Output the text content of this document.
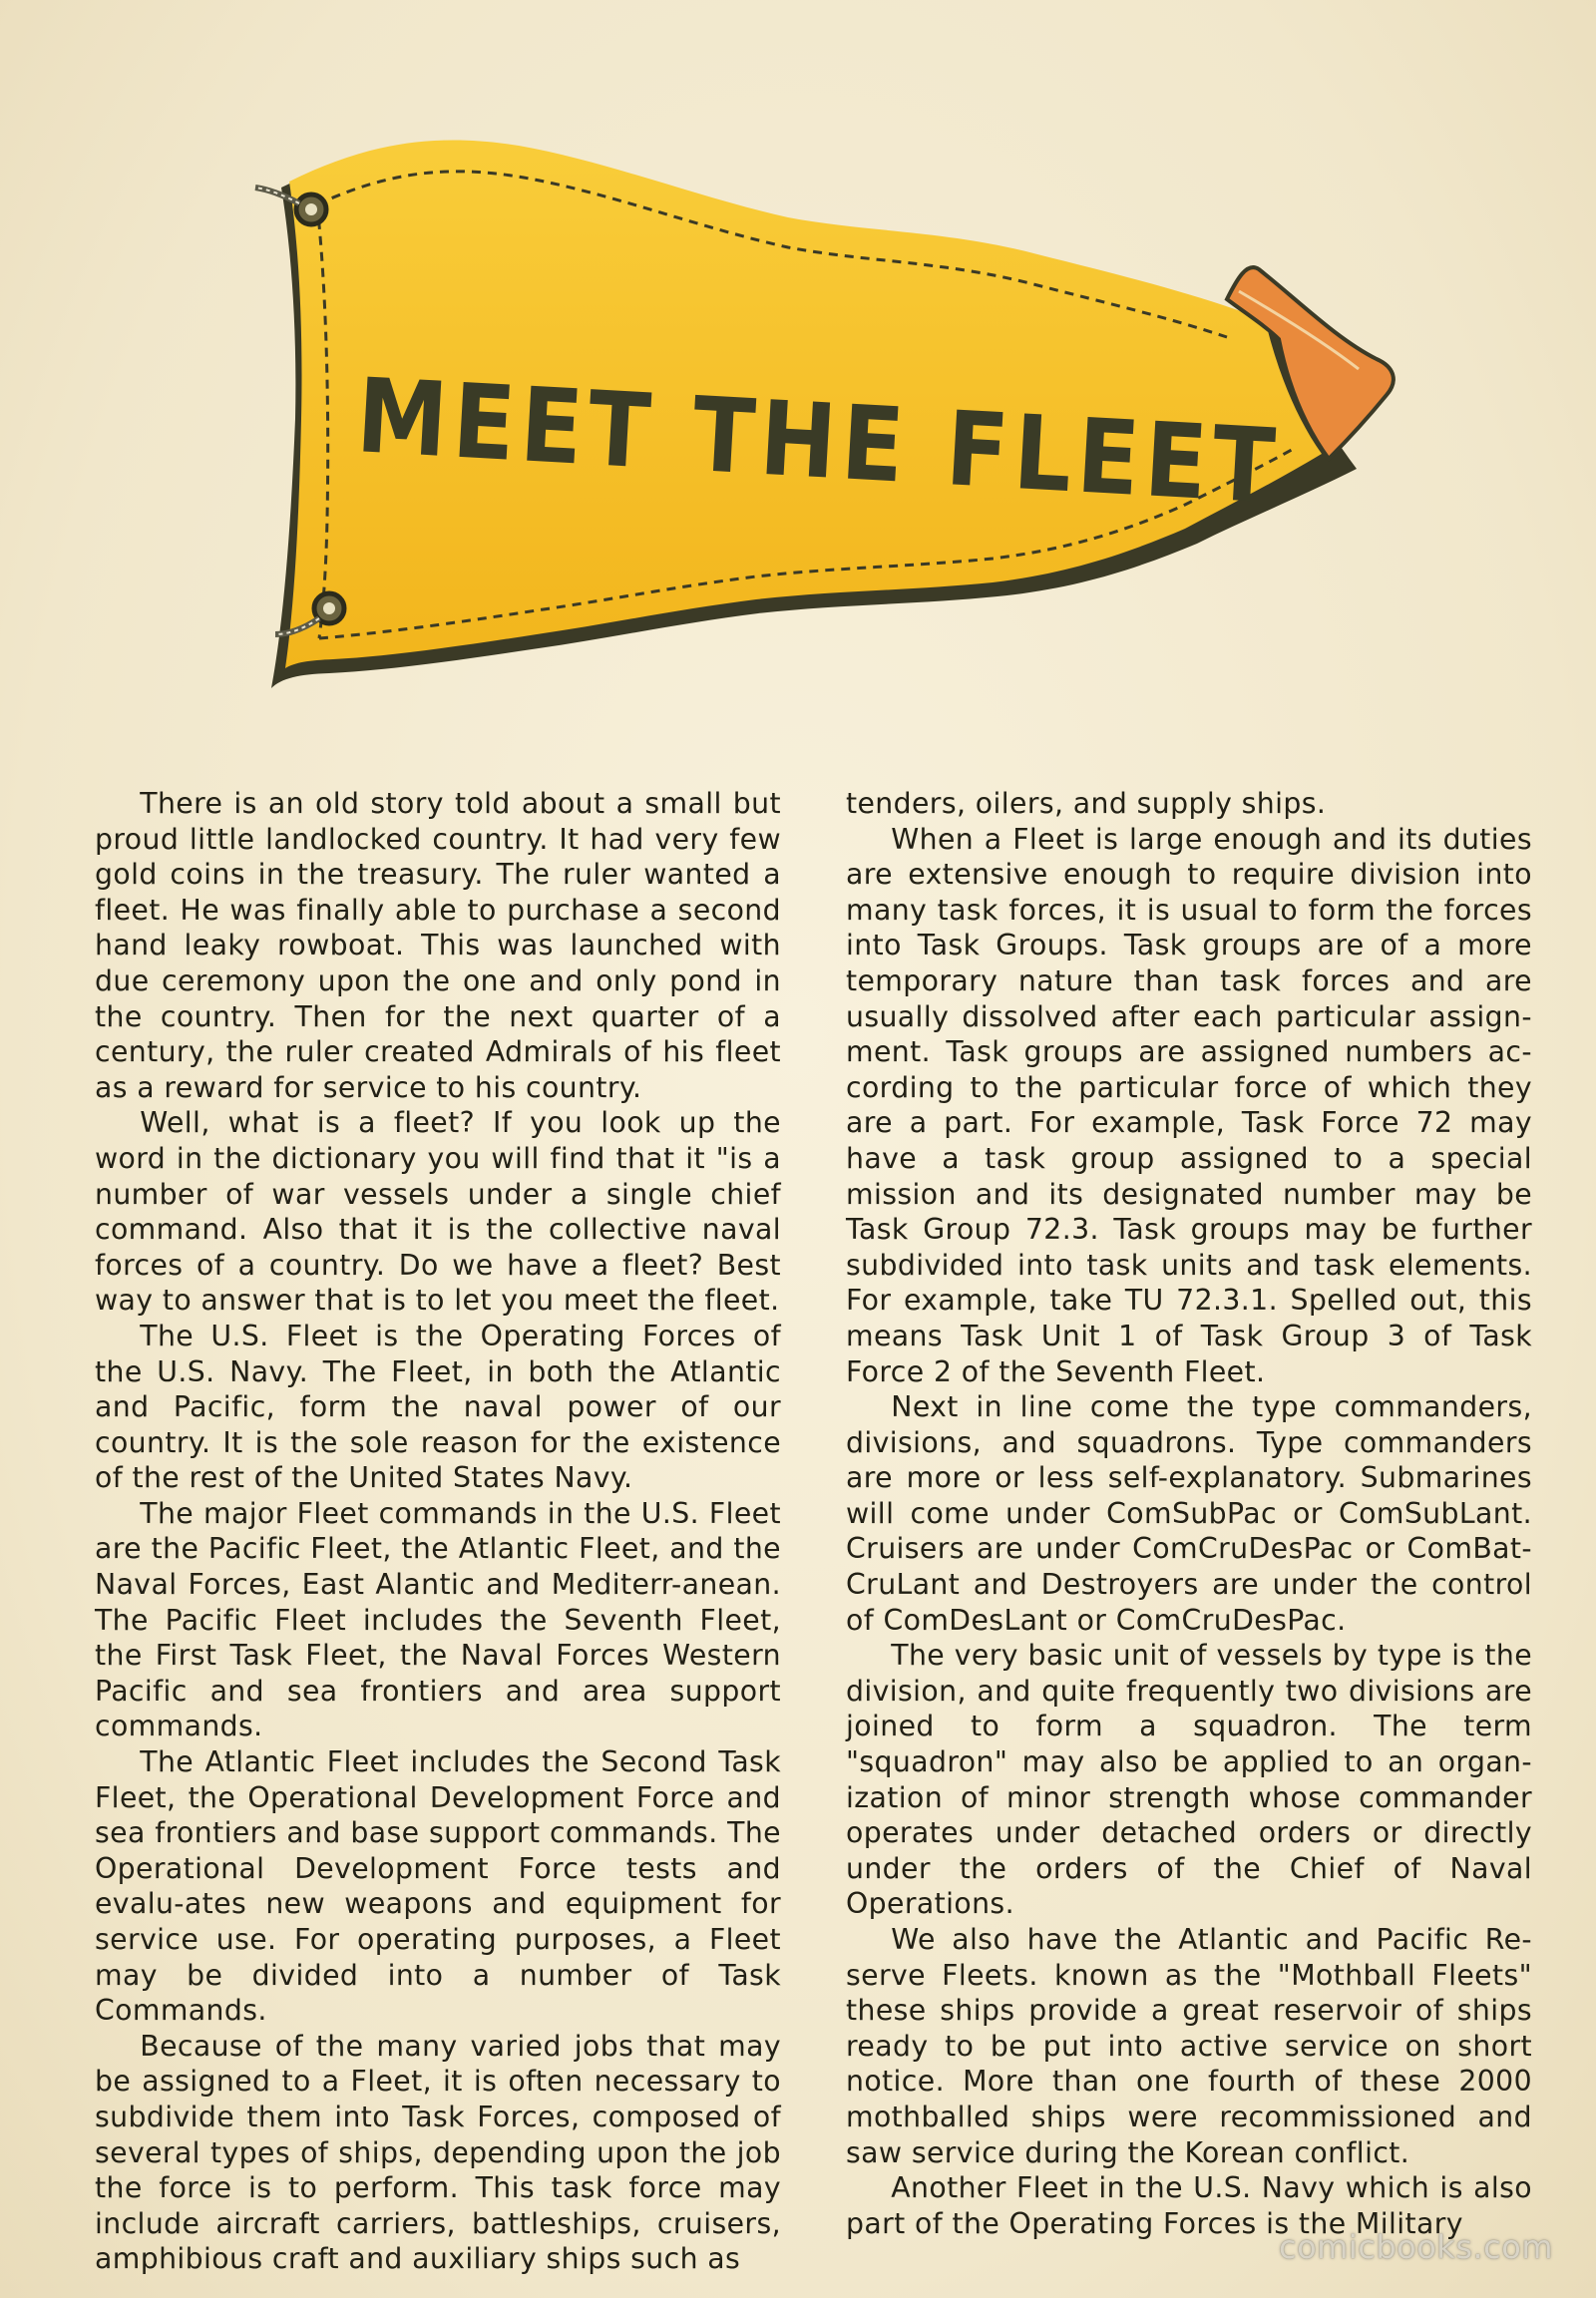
MEET THE FLEET

There is an old story told about a small but proud little landlocked country. It had very few gold coins in the treasury. The ruler wanted a fleet. He was finally able to purchase a second hand leaky rowboat. This was launched with due ceremony upon the one and only pond in the country. Then for the next quarter of a century, the ruler created Admirals of his fleet as a reward for service to his country.

Well, what is a fleet? If you look up the word in the dictionary you will find that it "is a number of war vessels under a single chief command. Also that it is the collective naval forces of a country. Do we have a fleet? Best way to answer that is to let you meet the fleet.

The U.S. Fleet is the Operating Forces of the U.S. Navy. The Fleet, in both the Atlantic and Pacific, form the naval power of our country. It is the sole reason for the existence of the rest of the United States Navy.

The major Fleet commands in the U.S. Fleet are the Pacific Fleet, the Atlantic Fleet, and the Naval Forces, East Alantic and Mediterr-anean. The Pacific Fleet includes the Seventh Fleet, the First Task Fleet, the Naval Forces Western Pacific and sea frontiers and area support commands.

The Atlantic Fleet includes the Second Task Fleet, the Operational Development Force and sea frontiers and base support commands. The Operational Development Force tests and evalu-ates new weapons and equipment for service use. For operating purposes, a Fleet may be divided into a number of Task Commands.

Because of the many varied jobs that may be assigned to a Fleet, it is often necessary to subdivide them into Task Forces, composed of several types of ships, depending upon the job the force is to perform. This task force may include aircraft carriers, battleships, cruisers, amphibious craft and auxiliary ships such as

tenders, oilers, and supply ships.

When a Fleet is large enough and its duties are extensive enough to require division into many task forces, it is usual to form the forces into Task Groups. Task groups are of a more temporary nature than task forces and are usually dissolved after each particular assign-ment. Task groups are assigned numbers ac-cording to the particular force of which they are a part. For example, Task Force 72 may have a task group assigned to a special mission and its designated number may be Task Group 72.3. Task groups may be further subdivided into task units and task elements. For example, take TU 72.3.1. Spelled out, this means Task Unit 1 of Task Group 3 of Task Force 2 of the Seventh Fleet.

Next in line come the type commanders, divisions, and squadrons. Type commanders are more or less self-explanatory. Submarines will come under ComSubPac or ComSubLant. Cruisers are under ComCruDesPac or ComBat-CruLant and Destroyers are under the control of ComDesLant or ComCruDesPac.

The very basic unit of vessels by type is the division, and quite frequently two divisions are joined to form a squadron. The term "squadron" may also be applied to an organ-ization of minor strength whose commander operates under detached orders or directly under the orders of the Chief of Naval Operations.

We also have the Atlantic and Pacific Re-serve Fleets. known as the "Mothball Fleets" these ships provide a great reservoir of ships ready to be put into active service on short notice. More than one fourth of these 2000 mothballed ships were recommissioned and saw service during the Korean conflict.

Another Fleet in the U.S. Navy which is also part of the Operating Forces is the Military

comicbooks.com
